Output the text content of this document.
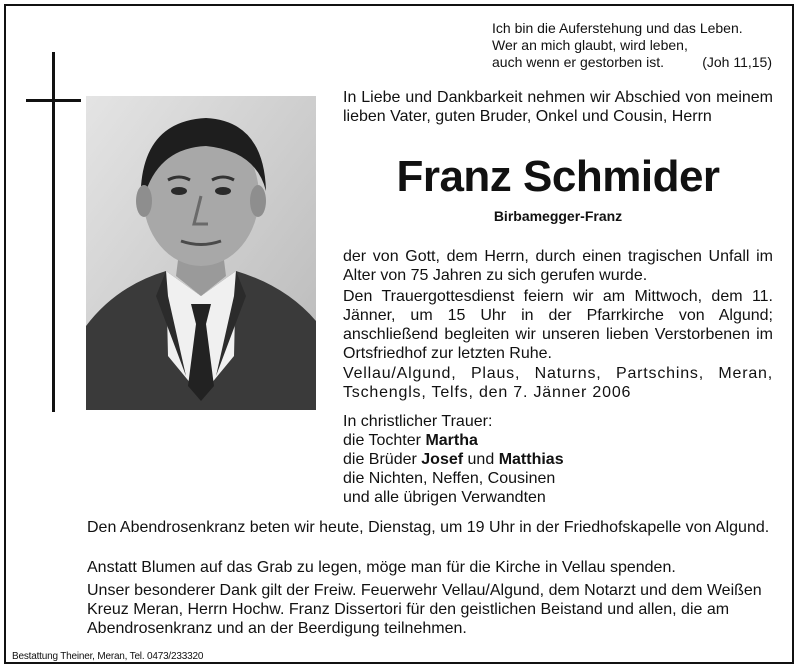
Ich bin die Auferstehung und das Leben.
Wer an mich glaubt, wird leben,
auch wenn er gestorben ist.	(Joh 11,15)
In Liebe und Dankbarkeit nehmen wir Abschied von meinem lieben Vater, guten Bruder, Onkel und Cousin, Herrn
Franz Schmider
Birbamegger-Franz
der von Gott, dem Herrn, durch einen tragischen Unfall im Alter von 75 Jahren zu sich gerufen wurde.
Den Trauergottesdienst feiern wir am Mittwoch, dem 11. Jänner, um 15 Uhr in der Pfarrkirche von Algund; anschließend begleiten wir unseren lieben Verstorbenen im Ortsfriedhof zur letzten Ruhe.
Vellau/Algund, Plaus, Naturns, Partschins, Meran, Tschengls, Telfs, den 7. Jänner 2006
In christlicher Trauer:
die Tochter Martha
die Brüder Josef und Matthias
die Nichten, Neffen, Cousinen
und alle übrigen Verwandten
Den Abendrosenkranz beten wir heute, Dienstag, um 19 Uhr in der Friedhofskapelle von Algund.
Anstatt Blumen auf das Grab zu legen, möge man für die Kirche in Vellau spenden.
Unser besonderer Dank gilt der Freiw. Feuerwehr Vellau/Algund, dem Notarzt und dem Weißen Kreuz Meran, Herrn Hochw. Franz Dissertori für den geistlichen Beistand und allen, die am Abendrosenkranz und an der Beerdigung teilnehmen.
Bestattung Theiner, Meran, Tel. 0473/233320
